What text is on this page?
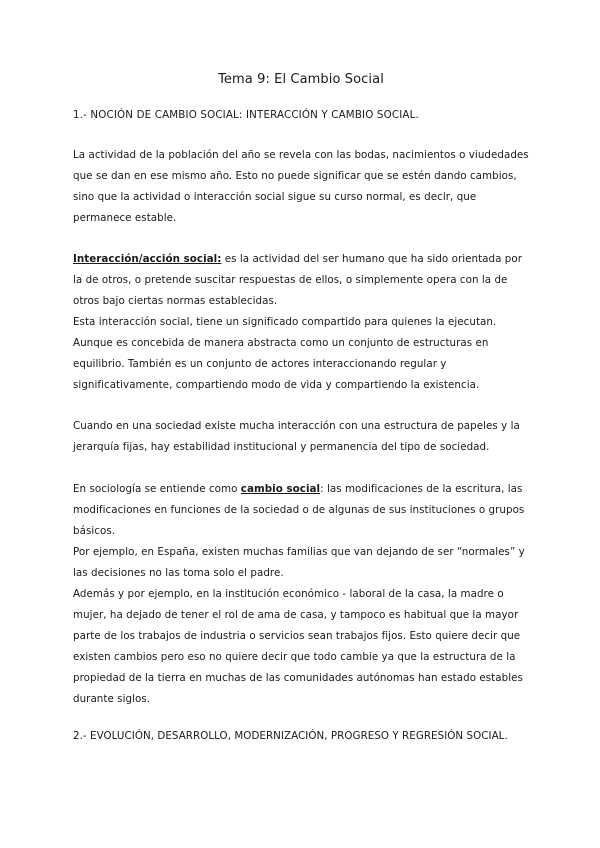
Tema 9: El Cambio Social
1.- NOCIÓN DE CAMBIO SOCIAL: INTERACCIÓN Y CAMBIO SOCIAL.

La actividad de la población del año se revela con las bodas, nacimientos o viudedades que se dan en ese mismo año. Esto no puede significar que se estén dando cambios, sino que la actividad o interacción social sigue su curso normal, es decir, que permanece estable.

Interacción/acción social: es la actividad del ser humano que ha sido orientada por la de otros, o pretende suscitar respuestas de ellos, o simplemente opera con la de otros bajo ciertas normas establecidas.

Esta interacción social, tiene un significado compartido para quienes la ejecutan. Aunque es concebida de manera abstracta como un conjunto de estructuras en equilibrio. También es un conjunto de actores interaccionando regular y significativamente, compartiendo modo de vida y compartiendo la existencia.

Cuando en una sociedad existe mucha interacción con una estructura de papeles y la jerarquía fijas, hay estabilidad institucional y permanencia del tipo de sociedad.

En sociología se entiende como cambio social: las modificaciones de la escritura, las modificaciones en funciones de la sociedad o de algunas de sus instituciones o grupos básicos.

Por ejemplo, en España, existen muchas familias que van dejando de ser “normales” y las decisiones no las toma solo el padre.

Además y por ejemplo, en la institución económico - laboral de la casa, la madre o mujer, ha dejado de tener el rol de ama de casa, y tampoco es habitual que la mayor parte de los trabajos de industria o servicios sean trabajos fijos. Esto quiere decir que existen cambios pero eso no quiere decir que todo cambie ya que la estructura de la propiedad de la tierra en muchas de las comunidades autónomas han estado estables durante siglos.

2.- EVOLUCIÓN, DESARROLLO, MODERNIZACIÓN, PROGRESO Y REGRESIÓN SOCIAL.
